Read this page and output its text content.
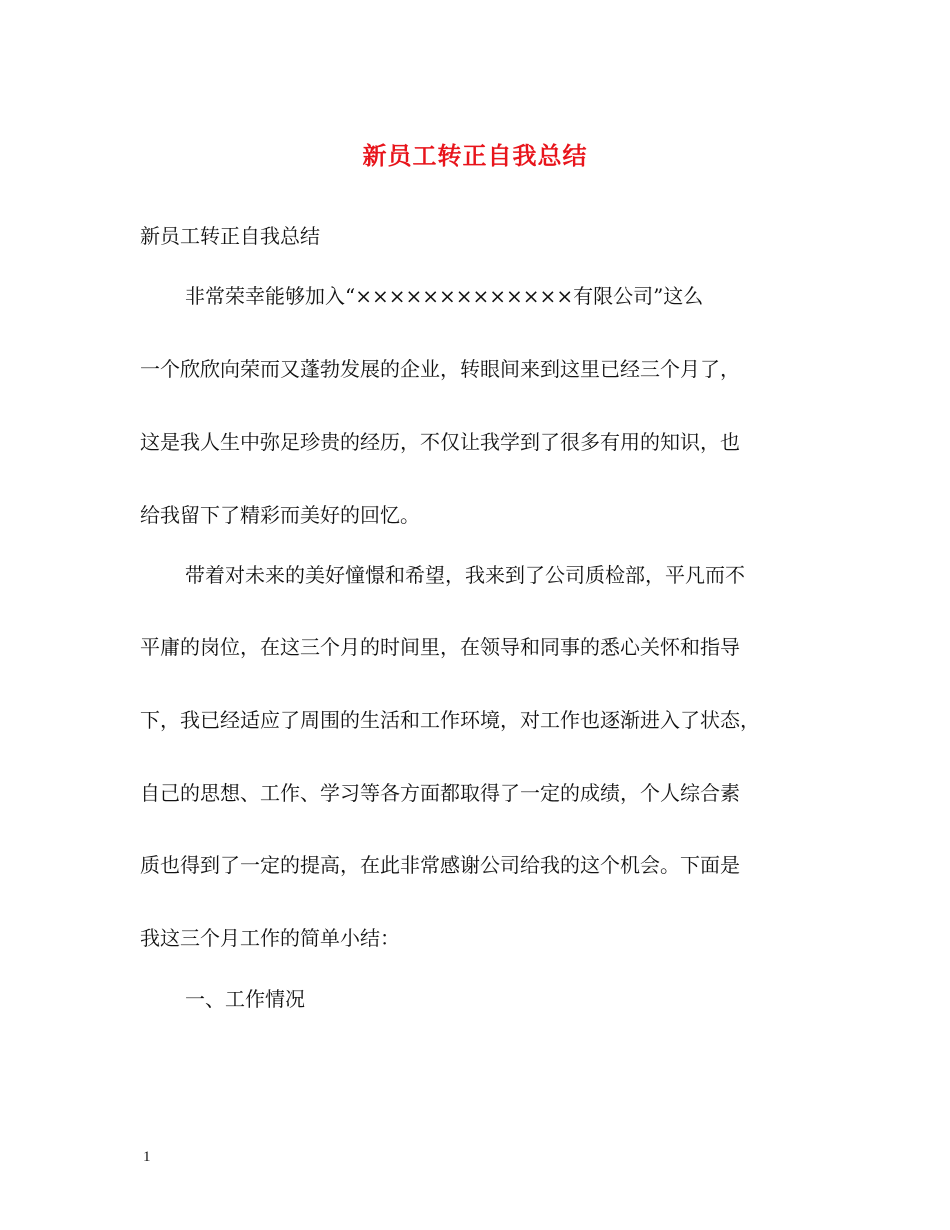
新员工转正自我总结
新员工转正自我总结
非常荣幸能够加入“×××××××××××××有限公司”这么
一个欣欣向荣而又蓬勃发展的企业，转眼间来到这里已经三个月了，
这是我人生中弥足珍贵的经历，不仅让我学到了很多有用的知识，也
给我留下了精彩而美好的回忆。
带着对未来的美好憧憬和希望，我来到了公司质检部，平凡而不
平庸的岗位，在这三个月的时间里，在领导和同事的悉心关怀和指导
下，我已经适应了周围的生活和工作环境，对工作也逐渐进入了状态，
自己的思想、工作、学习等各方面都取得了一定的成绩，个人综合素
质也得到了一定的提高，在此非常感谢公司给我的这个机会。下面是
我这三个月工作的简单小结：
一、工作情况
1
